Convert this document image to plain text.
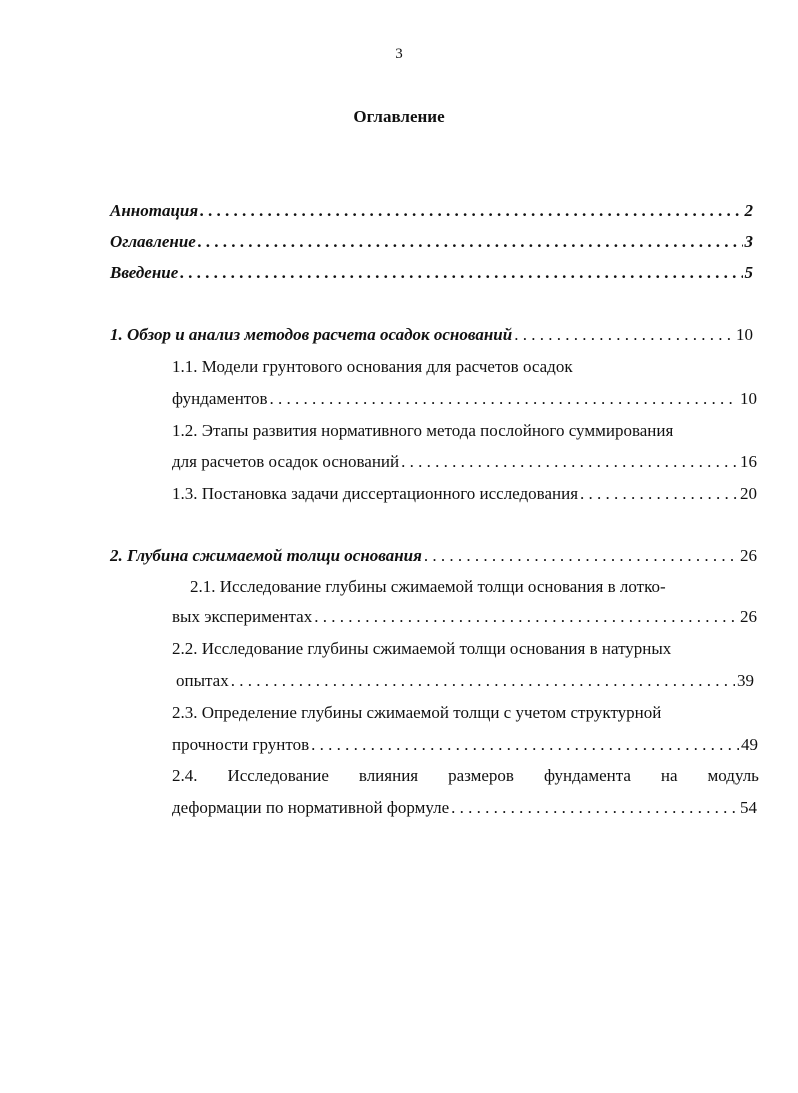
3
Оглавление
Аннотация . . .	2
Оглавление . . .	3
Введение . . .	5
1. Обзор и анализ методов расчета осадок оснований . . .	10
1.1. Модели грунтового основания для расчетов осадок
фундаментов . . .	10
1.2. Этапы развития нормативного метода послойного суммирования
для расчетов осадок оснований . . .	16
1.3. Постановка задачи диссертационного исследования . . .	20
2. Глубина сжимаемой толщи основания . . .	26
2.1. Исследование глубины сжимаемой толщи основания в лотко-
вых экспериментах . . .	26
2.2. Исследование глубины сжимаемой толщи основания в натурных
опытах . . .	39
2.3. Определение глубины сжимаемой толщи с учетом структурной
прочности грунтов . . .	49
2.4. Исследование влияния размеров фундамента на модуль
деформации по нормативной формуле . . .	54
